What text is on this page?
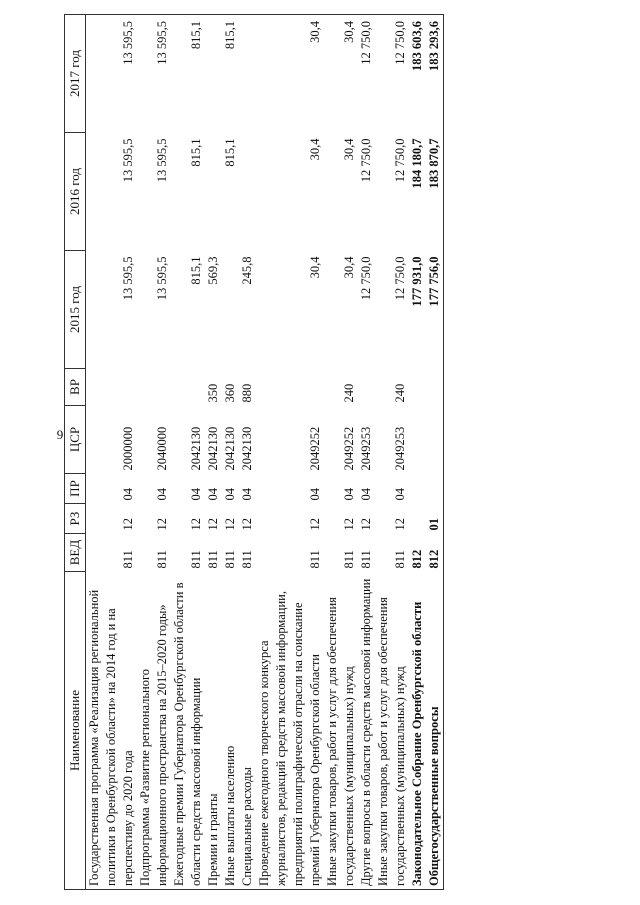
9
Наименование	ВЕД	РЗ	ПР	ЦСР	ВР	2015 год	2016 год	2017 год
Государственная программа «Реализация региональной политики в Оренбургской области» на 2014 год и на перспективу до 2020 года	811	12	04	2000000		13 595,5	13 595,5	13 595,5
Подпрограмма «Развитие регионального информационного пространства на 2015–2020 годы»	811	12	04	2040000		13 595,5	13 595,5	13 595,5
Ежегодные премии Губернатора Оренбургской области в области средств массовой информации	811	12	04	2042130		815,1	815,1	815,1
Премии и гранты	811	12	04	2042130	350	569,3		
Иные выплаты населению	811	12	04	2042130	360		815,1	815,1
Специальные расходы	811	12	04	2042130	880	245,8		
Проведение ежегодного творческого конкурса журналистов, редакций средств массовой информации, предприятий полиграфической отрасли на соискание премий Губернатора Оренбургской области	811	12	04	2049252		30,4	30,4	30,4
Иные закупки товаров, работ и услуг для обеспечения государственных (муниципальных) нужд	811	12	04	2049252	240	30,4	30,4	30,4
Другие вопросы в области средств массовой информации	811	12	04	2049253		12 750,0	12 750,0	12 750,0
Иные закупки товаров, работ и услуг для обеспечения государственных (муниципальных) нужд	811	12	04	2049253	240	12 750,0	12 750,0	12 750,0
Законодательное Собрание Оренбургской области	812					177 931,0	184 180,7	183 603,6
Общегосударственные вопросы	812	01				177 756,0	183 870,7	183 293,6
